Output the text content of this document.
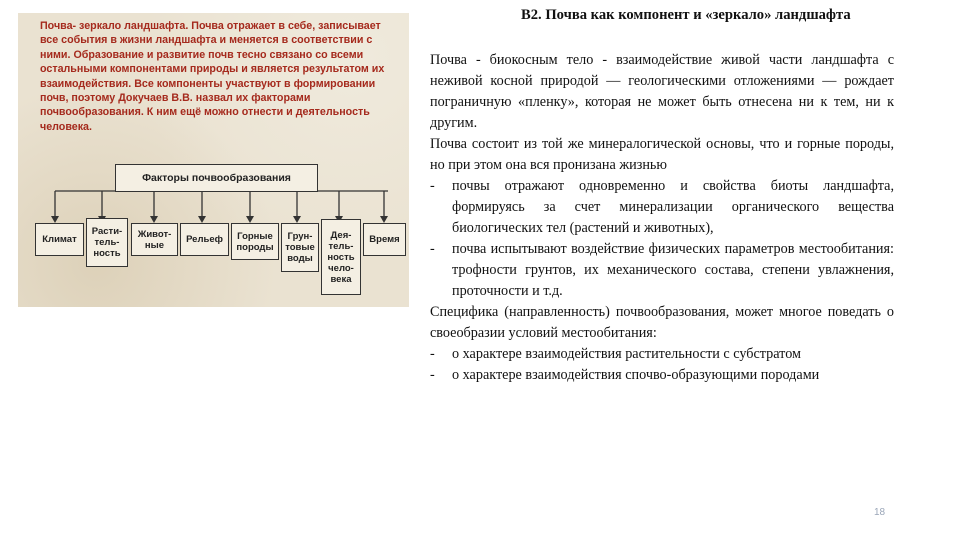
Почва- зеркало ландшафта. Почва отражает в себе, записывает все события в жизни ландшафта и меняется в соответствии с ними. Образование и развитие почв тесно связано со всеми остальными компонентами природы и является результатом их взаимодействия. Все компоненты участвуют в формировании почв, поэтому Докучаев В.В. назвал их факторами почвообразования. К ним ещё можно отнести и деятельность человека.

Факторы почвообразования
Климат
Расти-
тель-
ность
Живот-
ные	Рельеф Горные
породы
Грун-
товые
воды
Дея-
тель-
ность
чело-
века
Время
В2. Почва как компонент и «зеркало» ландшафта

Почва - биокосным тело - взаимодействие живой части ландшафта с неживой косной природой — геологическими отложениями — рождает пограничную «пленку», которая не может быть отнесена ни к тем, ни к другим.

Почва состоит из той же минералогической основы, что и горные породы, но при этом она вся пронизана жизнью

- почвы отражают одновременно и свойства биоты ландшафта, формируясь за счет минерализации органического вещества биологических тел (растений и животных),

- почва испытывают воздействие физических параметров местообитания: трофности грунтов, их механического состава, степени увлажнения, проточности и т.д.

Специфика (направленность) почвообразования, может многое поведать о своеобразии условий местообитания:

- о характере взаимодействия растительности с субстратом

- о характере взаимодействия спочво-образующими породами

18
